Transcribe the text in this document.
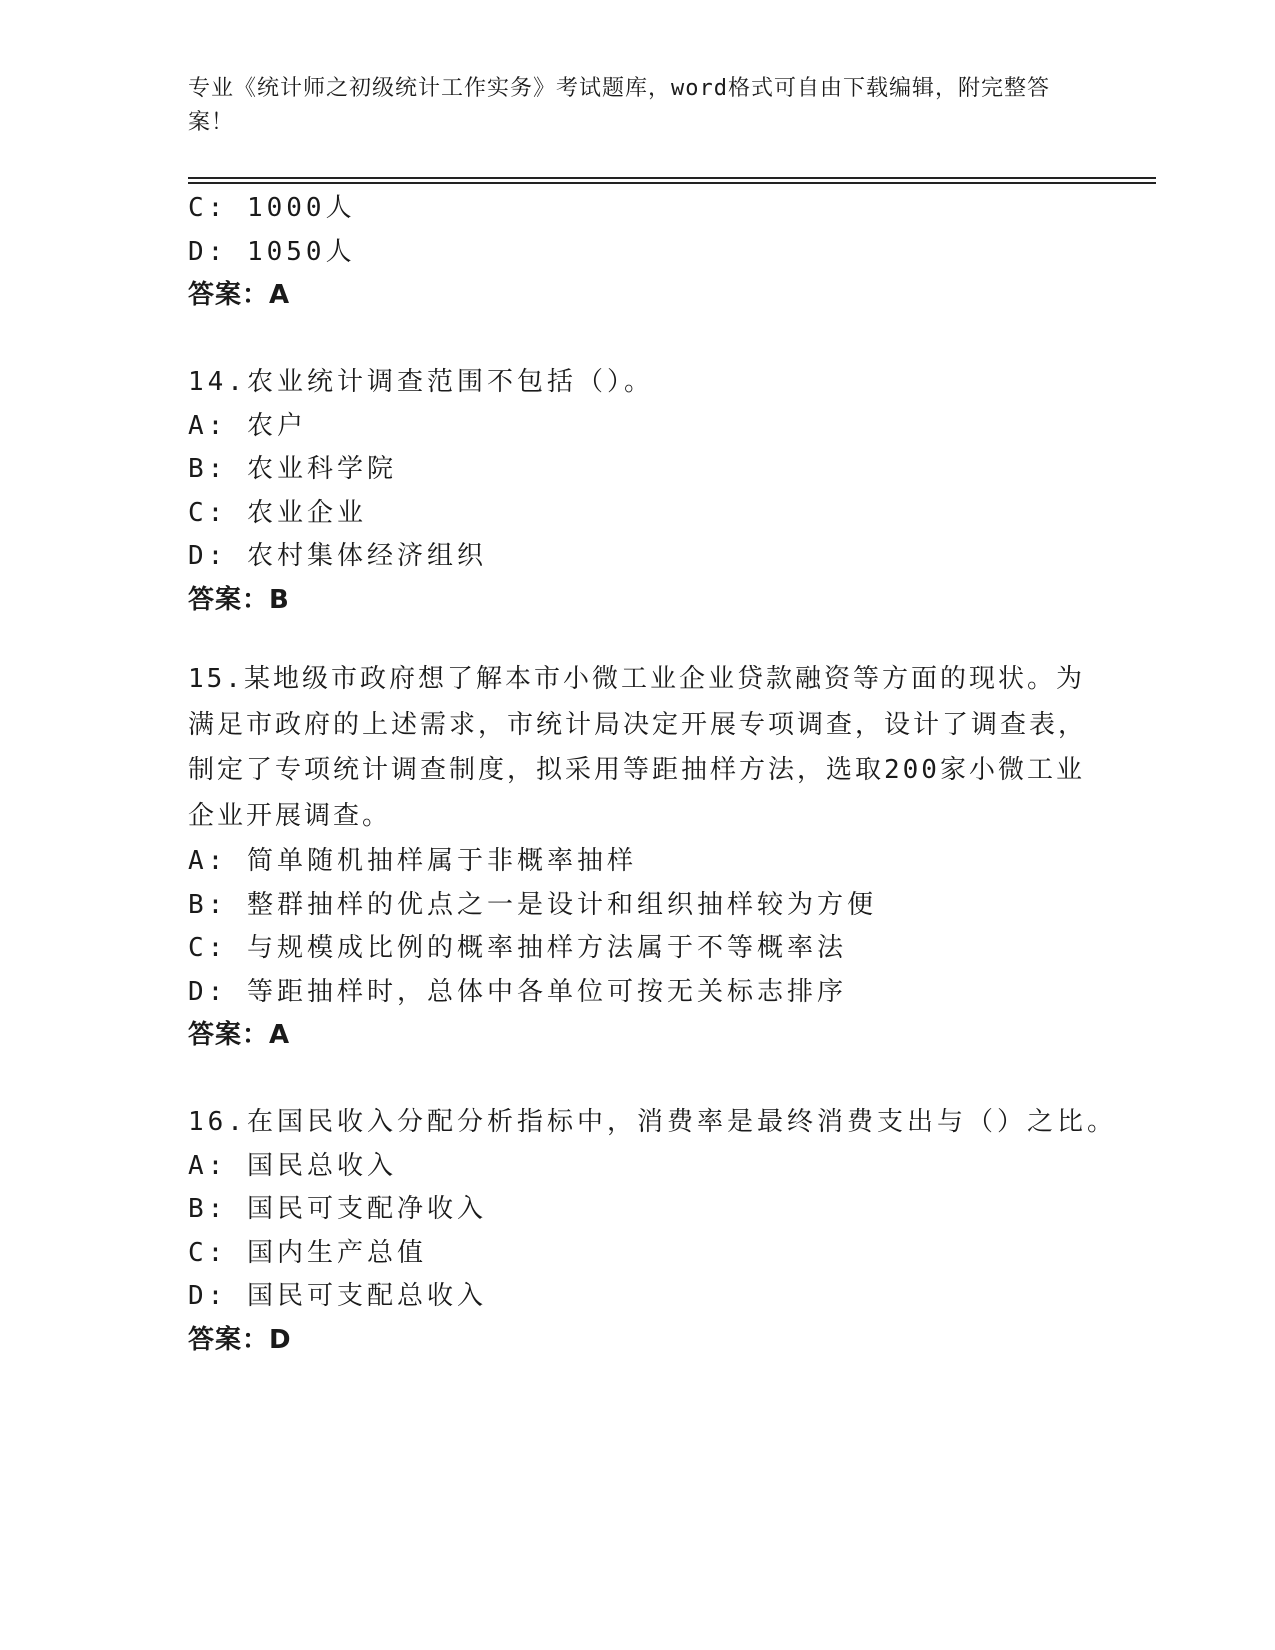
专业《统计师之初级统计工作实务》考试题库，word格式可自由下载编辑，附完整答案！
C: 1000人
D: 1050人
答案：A
14.农业统计调查范围不包括（）。
A: 农户
B: 农业科学院
C: 农业企业
D: 农村集体经济组织
答案：B
15.某地级市政府想了解本市小微工业企业贷款融资等方面的现状。为满足市政府的上述需求，市统计局决定开展专项调查，设计了调查表，制定了专项统计调查制度，拟采用等距抽样方法，选取200家小微工业企业开展调查。
A: 简单随机抽样属于非概率抽样
B: 整群抽样的优点之一是设计和组织抽样较为方便
C: 与规模成比例的概率抽样方法属于不等概率法
D: 等距抽样时，总体中各单位可按无关标志排序
答案：A
16.在国民收入分配分析指标中，消费率是最终消费支出与（）之比。
A: 国民总收入
B: 国民可支配净收入
C: 国内生产总值
D: 国民可支配总收入
答案：D
